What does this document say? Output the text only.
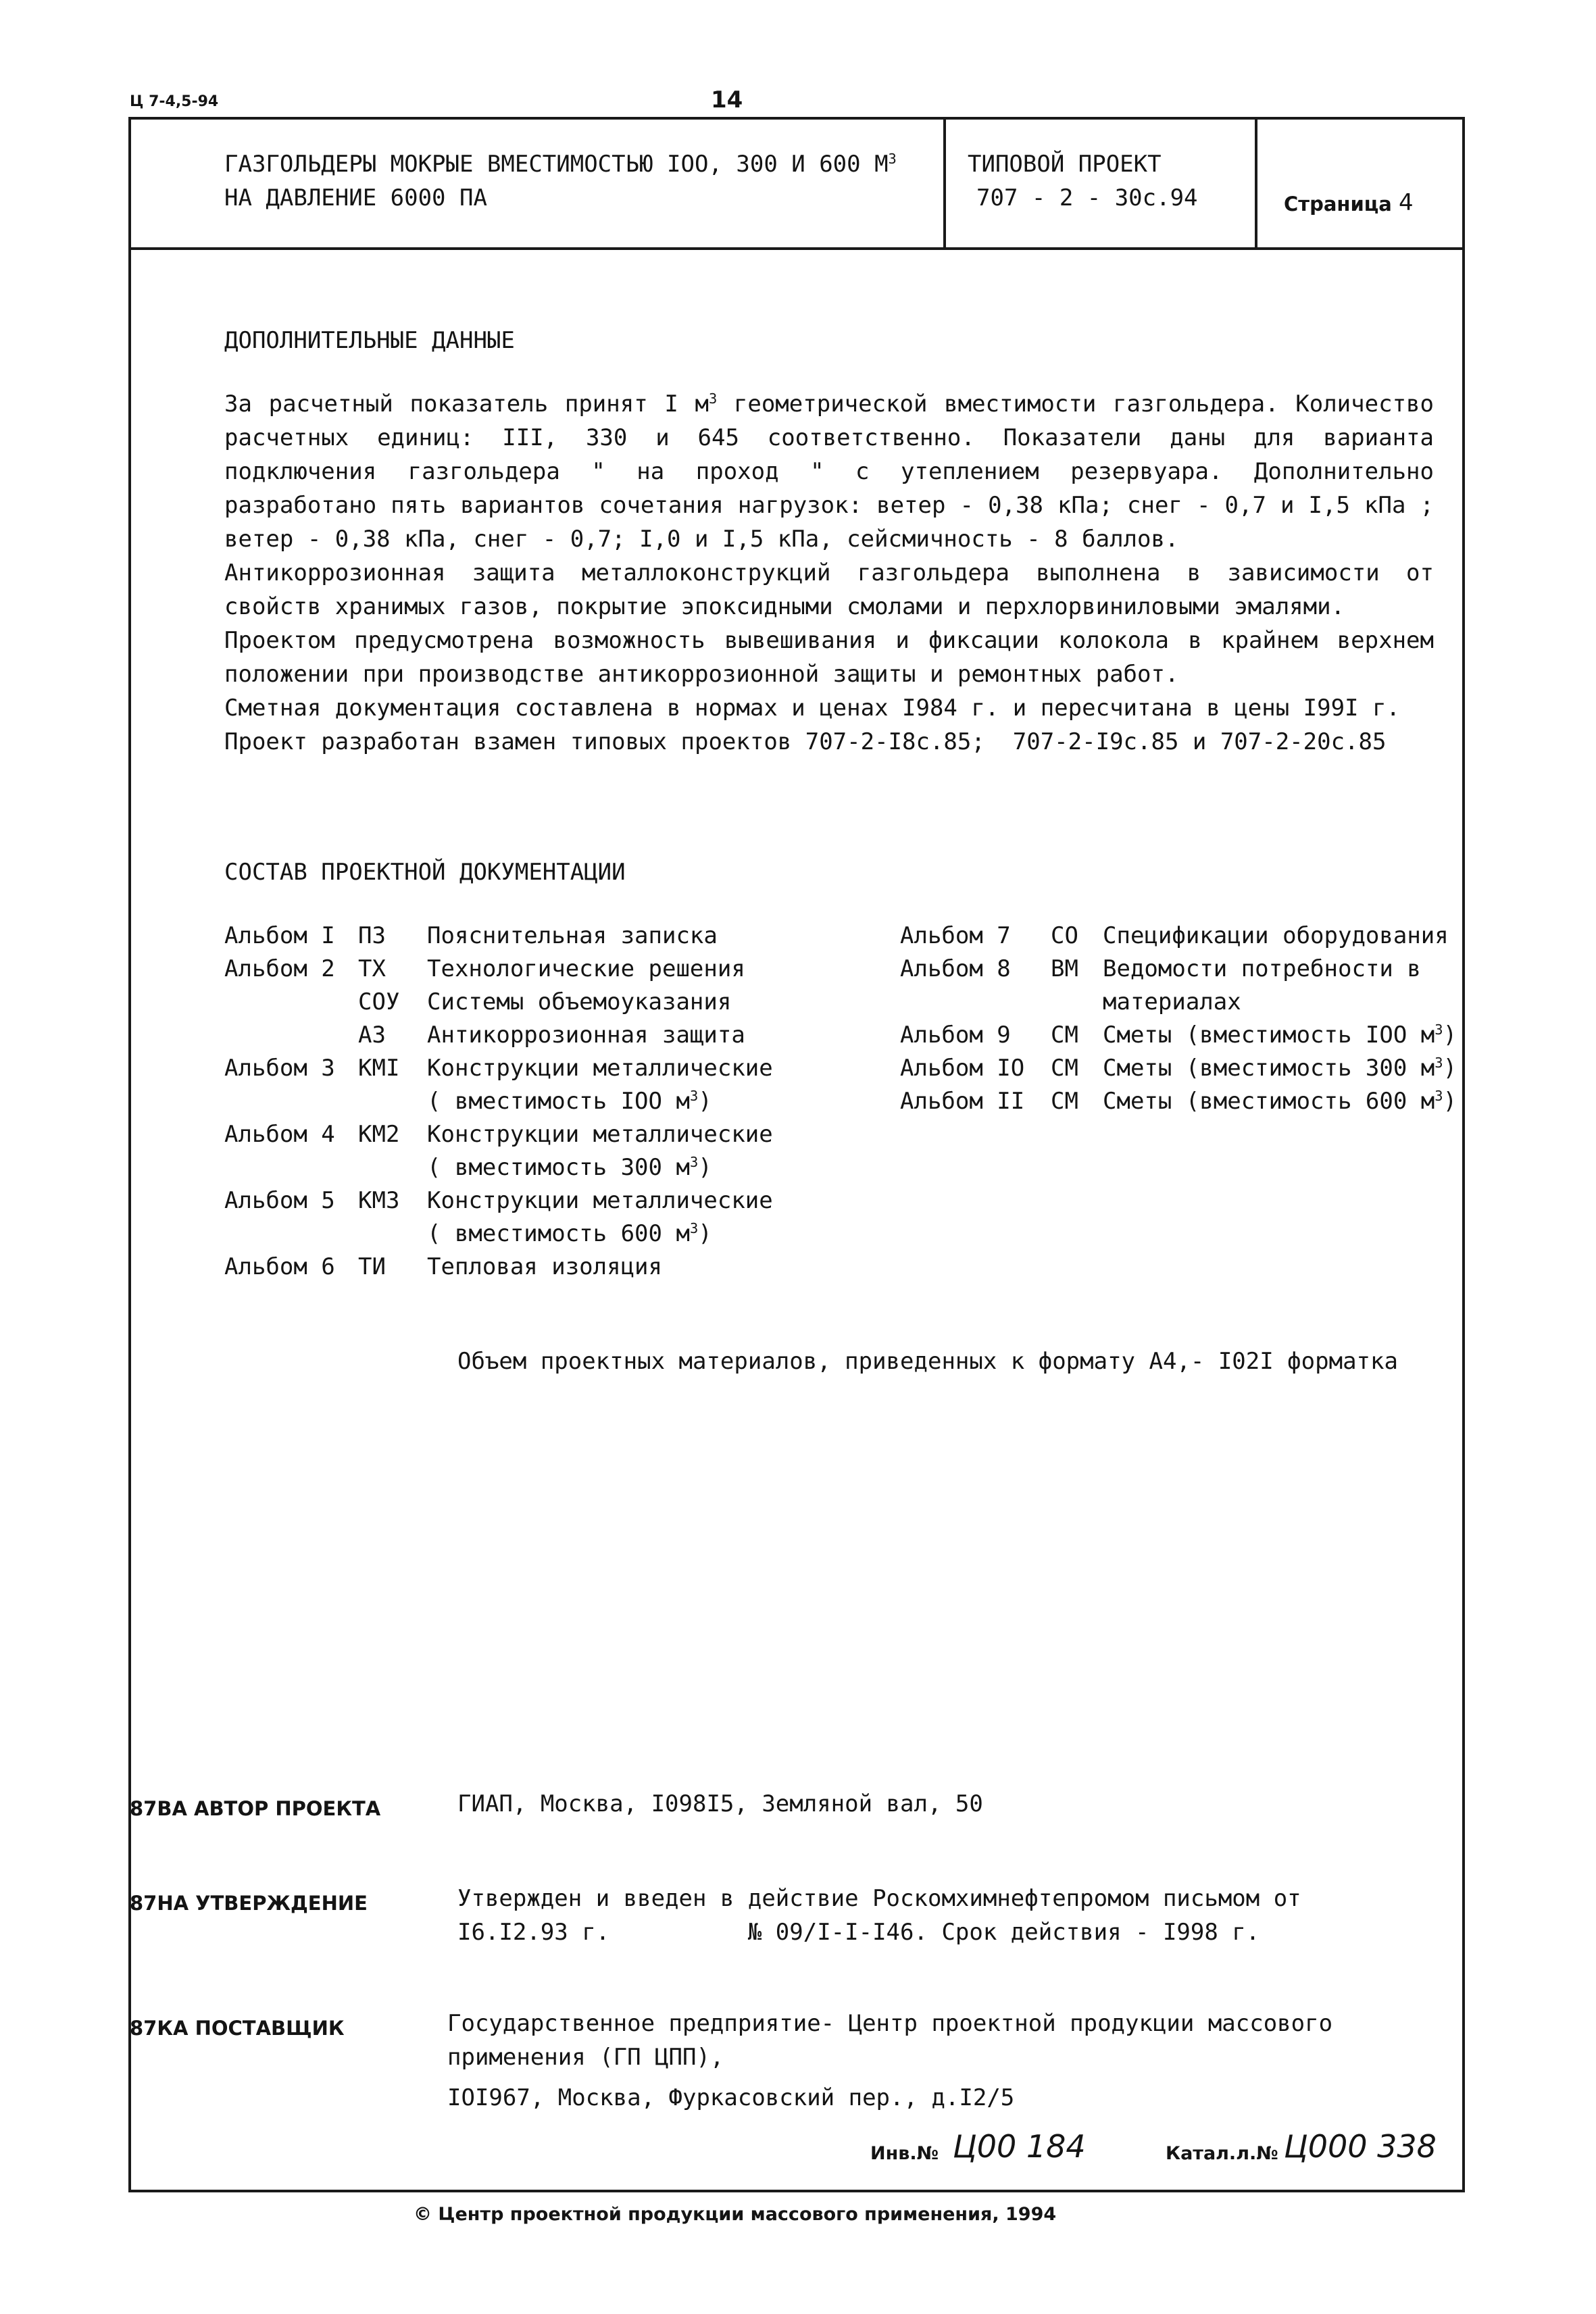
Ц 7-4,5-94	14
ГАЗГОЛЬДЕРЫ МОКРЫЕ ВМЕСТИМОСТЬЮ IOO, 300 И 600 $М^3$
НА ДАВЛЕНИЕ 6000 ПА
ТИПОВОЙ ПРОЕКТ
707 - 2 - 30с.94	Страница 4
ДОПОЛНИТЕЛЬНЫЕ ДАННЫЕ
За расчетный показатель принят I $м^3$ геометрической вместимости газгольдера. Количество расчетных единиц: III, 330 и 645 соответственно. Показатели даны для варианта подключения газгольдера " на проход " с утеплением резервуара. Дополнительно разработано пять вариантов сочетания нагрузок: ветер - 0,38 кПа; снег - 0,7 и I,5 кПа ; ветер - 0,38 кПа, снег - 0,7; I,0 и I,5 кПа, сейсмичность - 8 баллов.
Антикоррозионная защита металлоконструкций газгольдера выполнена в зависимости от свойств хранимых газов, покрытие эпоксидными смолами и перхлорвиниловыми эмалями.
Проектом предусмотрена возможность вывешивания и фиксации колокола в крайнем верхнем положении при производстве антикоррозионной защиты и ремонтных работ.
Сметная документация составлена в нормах и ценах I984 г. и пересчитана в цены I99I г.
Проект разработан взамен типовых проектов 707-2-I8с.85;  707-2-I9с.85 и 707-2-20с.85
СОСТАВ ПРОЕКТНОЙ ДОКУМЕНТАЦИИ
Альбом I ПЗ Пояснительная записка
Альбом 2 ТХ Технологические решения
СОУ Системы объемоуказания
АЗ Антикоррозионная защита
Альбом 3 КМI Конструкции металлические
( вместимость IOO $м^3$)
Альбом 4 КМ2 Конструкции металлические
( вместимость 300 $м^3$)
Альбом 5 КМ3 Конструкции металлические
( вместимость 600 $м^3$)
Альбом 6 ТИ Тепловая изоляция
Альбом 7 СО Спецификации оборудования
Альбом 8 ВМ Ведомости потребности в
материалах
Альбом 9 СМ Сметы (вместимость IOO $м^3$)
Альбом IO СМ Сметы (вместимость 300 $м^3$)
Альбом II СМ Сметы (вместимость 600 $м^3$)
Объем проектных материалов, приведенных к формату А4,- I02I форматка
87ВА АВТОР ПРОЕКТА	ГИАП, Москва, I098I5, Земляной вал, 50
87НА УТВЕРЖДЕНИЕ	Утвержден и введен в действие Роскомхимнефтепромом письмом от
I6.I2.93 г.          № 09/I-I-I46. Срок действия - I998 г.
87КА ПОСТАВЩИК	Государственное предприятие- Центр проектной продукции массового
применения (ГП ЦПП),
IOI967, Москва, Фуркасовский пер., д.I2/5
Инв.№ Ц00 184	Катал.л.№ Ц000 338
© Центр проектной продукции массового применения, 1994
